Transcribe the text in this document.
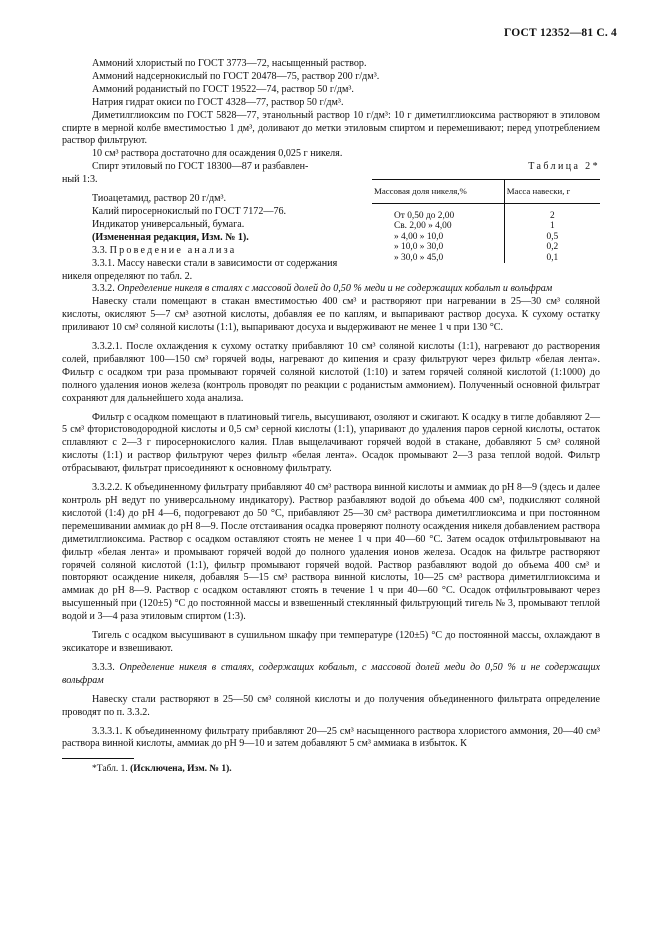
ГОСТ 12352—81 С. 4

Аммоний хлористый по ГОСТ 3773—72, насыщенный раствор.

Аммоний надсернокислый по ГОСТ 20478—75, раствор 200 г/дм³.

Аммоний роданистый по ГОСТ 19522—74, раствор 50 г/дм³.

Натрия гидрат окиси по ГОСТ 4328—77, раствор 50 г/дм³.

Диметилглиоксим по ГОСТ 5828—77, этанольный раствор 10 г/дм³: 10 г диметилглиоксима растворяют в этиловом спирте в мерной колбе вместимостью 1 дм³, доливают до метки этиловым спиртом и перемешивают; перед употреблением раствор фильтруют.

10 см³ раствора достаточно для осаждения 0,025 г никеля.

Спирт этиловый по ГОСТ 18300—87 и разбавлен-

ный 1:3.

Тиоацетамид, раствор 20 г/дм³.

Калий пиросернокислый по ГОСТ 7172—76.

Индикатор универсальный, бумага.

(Измененная редакция, Изм. № 1).

3.3. Проведение анализа

3.3.1. Массу навески стали в зависимости от содержания никеля определяют по табл. 2.

Таблица 2*

Массовая доля никеля,%	Масса навески, г
От 0,50 до 2,00	2
Св. 2,00 » 4,00	1
» 4,00 » 10,0	0,5
» 10,0 » 30,0	0,2
» 30,0 » 45,0	0,1

3.3.2. Определение никеля в сталях с массовой долей до 0,50 % меди и не содержащих кобальт и вольфрам

Навеску стали помещают в стакан вместимостью 400 см³ и растворяют при нагревании в 25—30 см³ соляной кислоты, окисляют 5—7 см³ азотной кислоты, добавляя ее по каплям, и выпаривают раствор досуха. К сухому остатку приливают 10 см³ соляной кислоты (1:1), выпаривают досуха и выдерживают не менее 1 ч при 130 °С.

3.3.2.1. После охлаждения к сухому остатку прибавляют 10 см³ соляной кислоты (1:1), нагревают до растворения солей, прибавляют 100—150 см³ горячей воды, нагревают до кипения и сразу фильтруют через фильтр «белая лента». Фильтр с осадком три раза промывают горячей соляной кислотой (1:10) и затем горячей соляной кислотой (1:1000) до полного удаления ионов железа (контроль проводят по реакции с роданистым аммонием). Полученный основной фильтрат сохраняют для дальнейшего хода анализа.

Фильтр с осадком помещают в платиновый тигель, высушивают, озоляют и сжигают. К осадку в тигле добавляют 2—5 см³ фтористоводородной кислоты и 0,5 см³ серной кислоты (1:1), упаривают до удаления паров серной кислоты, остаток сплавляют с 2—3 г пиросернокислого калия. Плав выщелачивают горячей водой в стакане, добавляют 5 см³ соляной кислоты (1:1) и раствор фильтруют через фильтр «белая лента». Осадок промывают 2—3 раза теплой водой. Фильтр отбрасывают, фильтрат присоединяют к основному фильтрату.

3.3.2.2. К объединенному фильтрату прибавляют 40 см³ раствора винной кислоты и аммиак до рН 8—9 (здесь и далее контроль рН ведут по универсальному индикатору). Раствор разбавляют водой до объема 400 см³, подкисляют соляной кислотой (1:4) до рН 4—6, подогревают до 50 °С, прибавляют 25—30 см³ раствора диметилглиоксима и при постоянном перемешивании аммиак до рН 8—9. После отстаивания осадка проверяют полноту осаждения никеля добавлением раствора диметилглиоксима. Раствор с осадком оставляют стоять не менее 1 ч при 40—60 °С. Затем осадок отфильтровывают на фильтр «белая лента» и промывают горячей водой до полного удаления ионов железа. Осадок на фильтре растворяют горячей соляной кислотой (1:1), фильтр промывают горячей водой. Раствор разбавляют водой до объема 400 см³ и повторяют осаждение никеля, добавляя 5—15 см³ раствора винной кислоты, 10—25 см³ раствора диметилглиоксима и аммиак до рН 8—9. Раствор с осадком оставляют стоять в течение 1 ч при 40—60 °С. Осадок отфильтровывают через высушенный при (120±5) °С до постоянной массы и взвешенный стеклянный фильтрующий тигель № 3, промывают теплой водой и 3—4 раза этиловым спиртом (1:3).

Тигель с осадком высушивают в сушильном шкафу при температуре (120±5) °С до постоянной массы, охлаждают в эксикаторе и взвешивают.

3.3.3. Определение никеля в сталях, содержащих кобальт, с массовой долей меди до 0,50 % и не содержащих вольфрам

Навеску стали растворяют в 25—50 см³ соляной кислоты и до получения объединенного фильтрата определение проводят по п. 3.3.2.

3.3.3.1. К объединенному фильтрату прибавляют 20—25 см³ насыщенного раствора хлористого аммония, 20—40 см³ раствора винной кислоты, аммиак до рН 9—10 и затем добавляют 5 см³ аммиака в избыток. К

*Табл. 1. (Исключена, Изм. № 1).
